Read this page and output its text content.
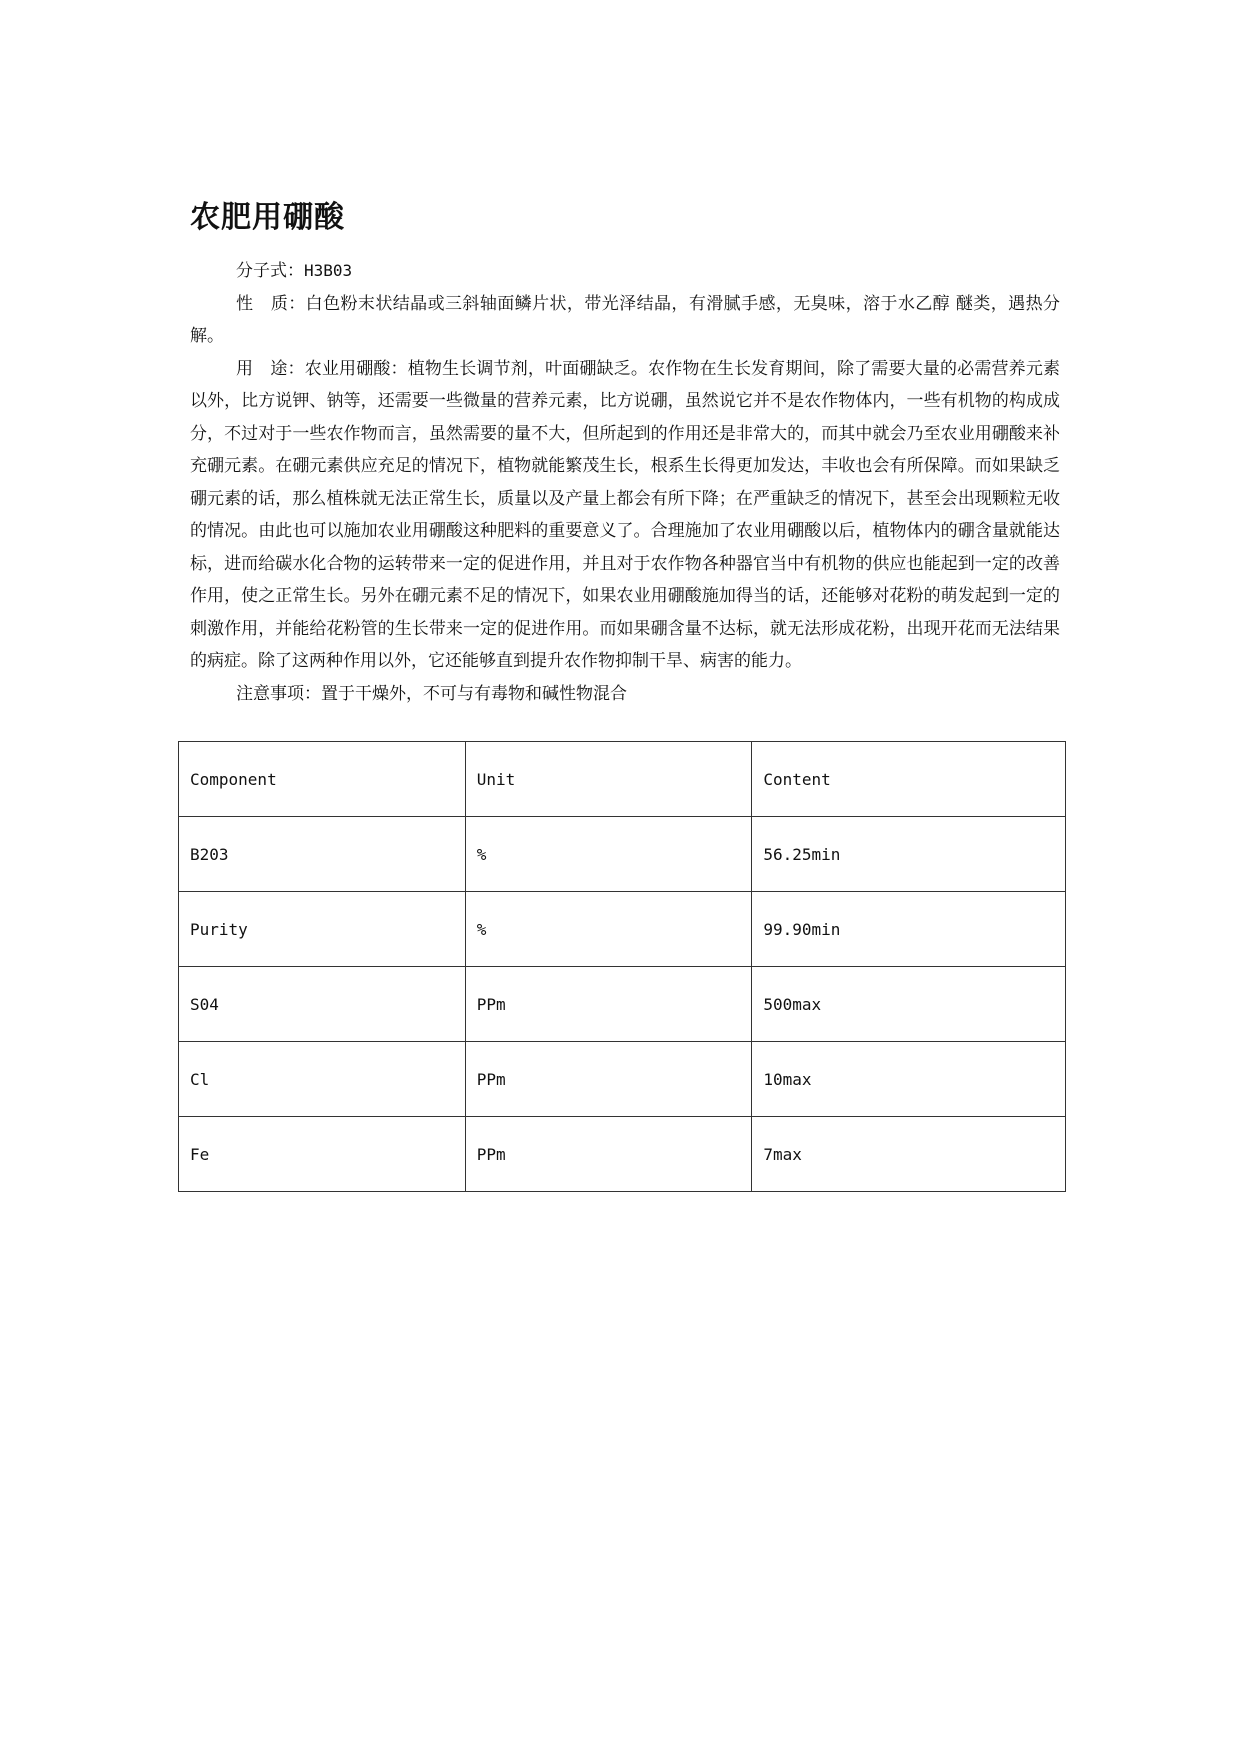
农肥用硼酸

分子式：H3B03

性　质：白色粉末状结晶或三斜轴面鳞片状，带光泽结晶，有滑腻手感，无臭味，溶于水乙醇 醚类，遇热分解。

用　途：农业用硼酸：植物生长调节剂，叶面硼缺乏。农作物在生长发育期间，除了需要大量的必需营养元素以外，比方说钾、钠等，还需要一些微量的营养元素，比方说硼，虽然说它并不是农作物体内，一些有机物的构成成分，不过对于一些农作物而言，虽然需要的量不大，但所起到的作用还是非常大的，而其中就会乃至农业用硼酸来补充硼元素。在硼元素供应充足的情况下，植物就能繁茂生长，根系生长得更加发达，丰收也会有所保障。而如果缺乏硼元素的话，那么植株就无法正常生长，质量以及产量上都会有所下降；在严重缺乏的情况下，甚至会出现颗粒无收的情况。由此也可以施加农业用硼酸这种肥料的重要意义了。合理施加了农业用硼酸以后，植物体内的硼含量就能达标，进而给碳水化合物的运转带来一定的促进作用，并且对于农作物各种器官当中有机物的供应也能起到一定的改善作用，使之正常生长。另外在硼元素不足的情况下，如果农业用硼酸施加得当的话，还能够对花粉的萌发起到一定的刺激作用，并能给花粉管的生长带来一定的促进作用。而如果硼含量不达标，就无法形成花粉，出现开花而无法结果的病症。除了这两种作用以外，它还能够直到提升农作物抑制干旱、病害的能力。

注意事项：置于干燥外，不可与有毒物和碱性物混合

Component	Unit	Content
B203	%	56.25min
Purity	%	99.90min
S04	PPm	500max
Cl	PPm	10max
Fe	PPm	7max
